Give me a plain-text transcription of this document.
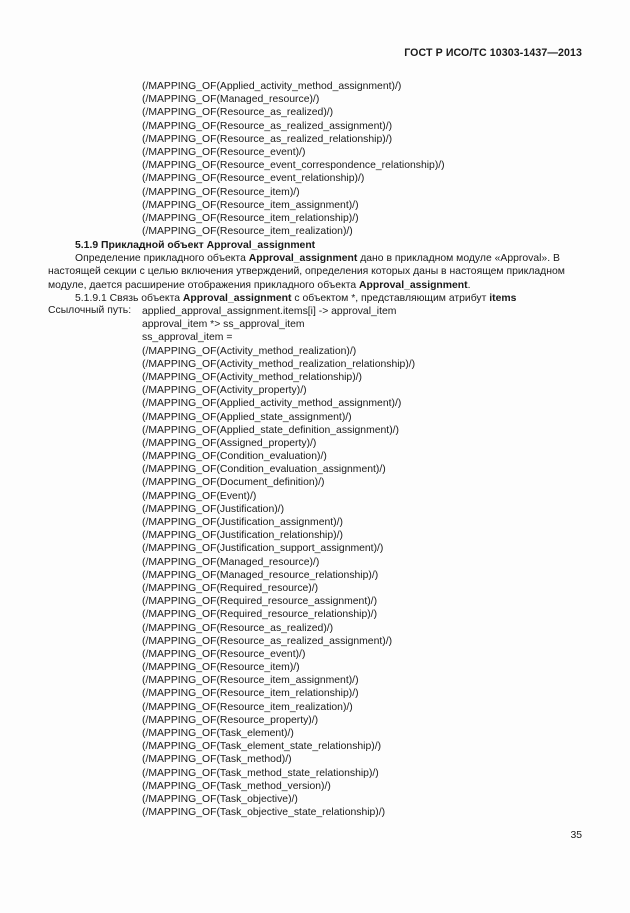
ГОСТ Р ИСО/ТС 10303-1437—2013
(/MAPPING_OF(Applied_activity_method_assignment)/)
(/MAPPING_OF(Managed_resource)/)
(/MAPPING_OF(Resource_as_realized)/)
(/MAPPING_OF(Resource_as_realized_assignment)/)
(/MAPPING_OF(Resource_as_realized_relationship)/)
(/MAPPING_OF(Resource_event)/)
(/MAPPING_OF(Resource_event_correspondence_relationship)/)
(/MAPPING_OF(Resource_event_relationship)/)
(/MAPPING_OF(Resource_item)/)
(/MAPPING_OF(Resource_item_assignment)/)
(/MAPPING_OF(Resource_item_relationship)/)
(/MAPPING_OF(Resource_item_realization)/)
5.1.9 Прикладной объект Approval_assignment
Определение прикладного объекта Approval_assignment дано в прикладном модуле «Approval». В
настоящей секции с целью включения утверждений, определения которых даны в настоящем прикладном
модуле, дается расширение отображения прикладного объекта Approval_assignment.
5.1.9.1 Связь объекта Approval_assignment с объектом *, представляющим атрибут items
Ссылочный путь: applied_approval_assignment.items[i] -> approval_item
approval_item *> ss_approval_item
ss_approval_item =
(/MAPPING_OF(Activity_method_realization)/)
(/MAPPING_OF(Activity_method_realization_relationship)/)
(/MAPPING_OF(Activity_method_relationship)/)
(/MAPPING_OF(Activity_property)/)
(/MAPPING_OF(Applied_activity_method_assignment)/)
(/MAPPING_OF(Applied_state_assignment)/)
(/MAPPING_OF(Applied_state_definition_assignment)/)
(/MAPPING_OF(Assigned_property)/)
(/MAPPING_OF(Condition_evaluation)/)
(/MAPPING_OF(Condition_evaluation_assignment)/)
(/MAPPING_OF(Document_definition)/)
(/MAPPING_OF(Event)/)
(/MAPPING_OF(Justification)/)
(/MAPPING_OF(Justification_assignment)/)
(/MAPPING_OF(Justification_relationship)/)
(/MAPPING_OF(Justification_support_assignment)/)
(/MAPPING_OF(Managed_resource)/)
(/MAPPING_OF(Managed_resource_relationship)/)
(/MAPPING_OF(Required_resource)/)
(/MAPPING_OF(Required_resource_assignment)/)
(/MAPPING_OF(Required_resource_relationship)/)
(/MAPPING_OF(Resource_as_realized)/)
(/MAPPING_OF(Resource_as_realized_assignment)/)
(/MAPPING_OF(Resource_event)/)
(/MAPPING_OF(Resource_item)/)
(/MAPPING_OF(Resource_item_assignment)/)
(/MAPPING_OF(Resource_item_relationship)/)
(/MAPPING_OF(Resource_item_realization)/)
(/MAPPING_OF(Resource_property)/)
(/MAPPING_OF(Task_element)/)
(/MAPPING_OF(Task_element_state_relationship)/)
(/MAPPING_OF(Task_method)/)
(/MAPPING_OF(Task_method_state_relationship)/)
(/MAPPING_OF(Task_method_version)/)
(/MAPPING_OF(Task_objective)/)
(/MAPPING_OF(Task_objective_state_relationship)/)
35
